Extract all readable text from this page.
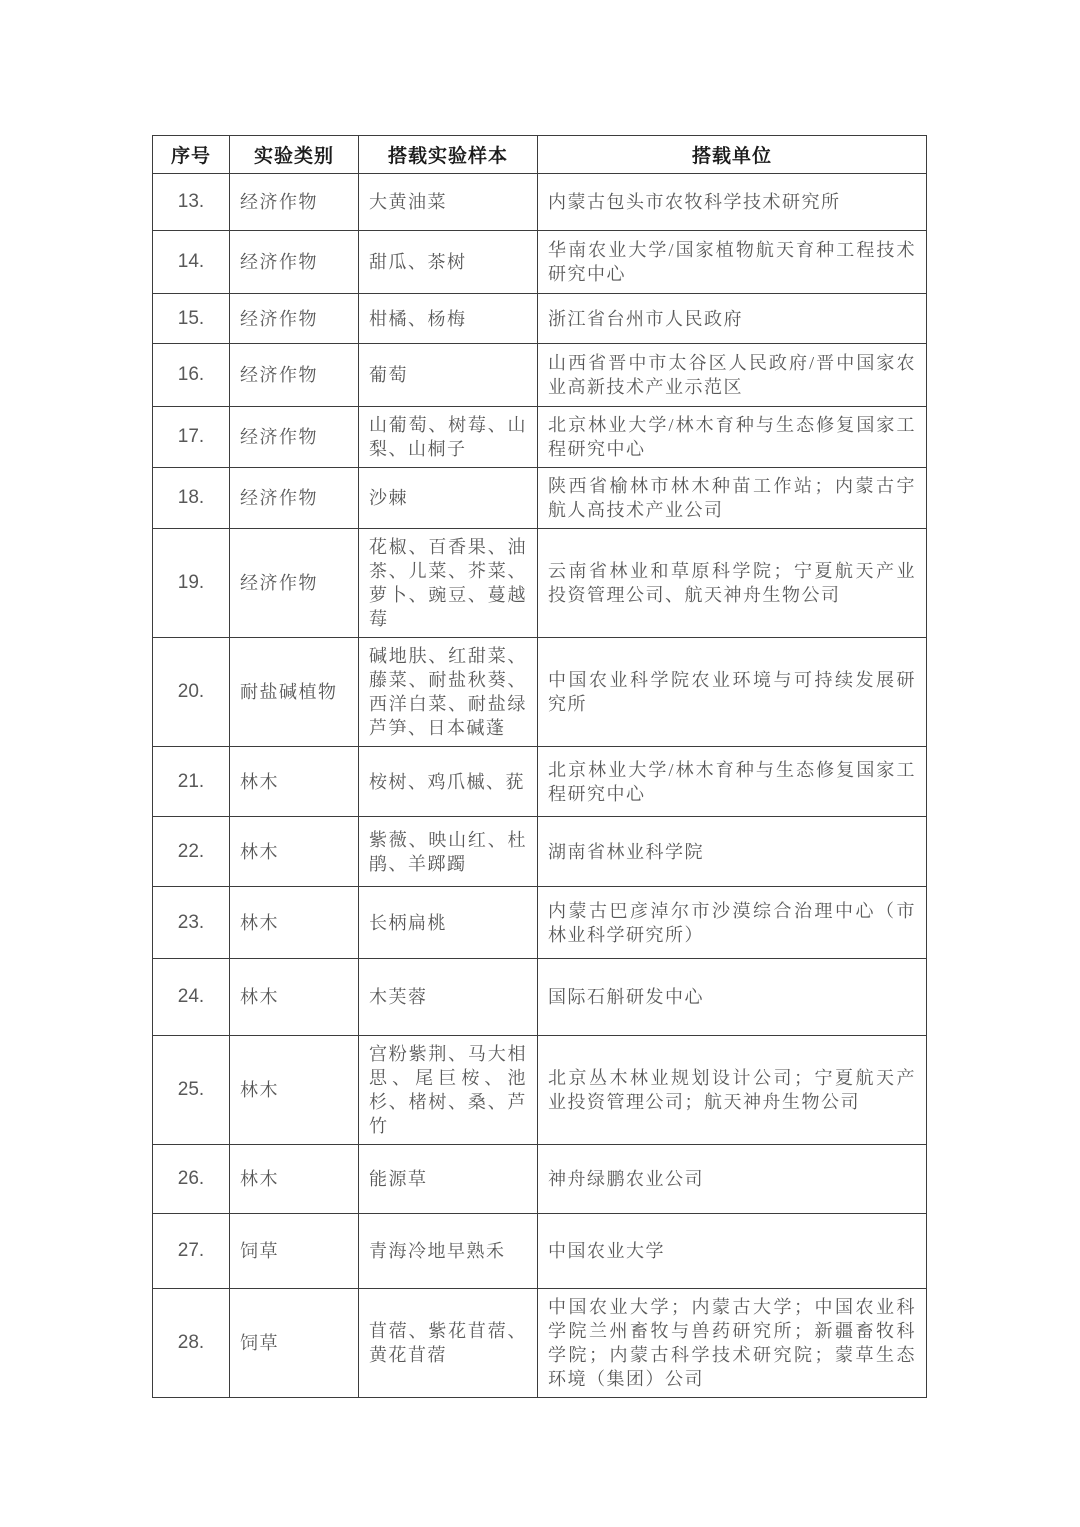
序号	实验类别	搭载实验样本	搭载单位
13.	经济作物	大黄油菜	内蒙古包头市农牧科学技术研究所
14.	经济作物	甜瓜、茶树	华南农业大学/国家植物航天育种工程技术研究中心
15.	经济作物	柑橘、杨梅	浙江省台州市人民政府
16.	经济作物	葡萄	山西省晋中市太谷区人民政府/晋中国家农业高新技术产业示范区
17.	经济作物	山葡萄、树莓、山梨、山桐子	北京林业大学/林木育种与生态修复国家工程研究中心
18.	经济作物	沙棘	陕西省榆林市林木种苗工作站；内蒙古宇航人高技术产业公司
19.	经济作物	花椒、百香果、油茶、儿菜、芥菜、萝卜、豌豆、蔓越莓	云南省林业和草原科学院；宁夏航天产业投资管理公司、航天神舟生物公司
20.	耐盐碱植物	碱地肤、红甜菜、藤菜、耐盐秋葵、西洋白菜、耐盐绿芦笋、日本碱蓬	中国农业科学院农业环境与可持续发展研究所
21.	林木	桉树、鸡爪槭、莸	北京林业大学/林木育种与生态修复国家工程研究中心
22.	林木	紫薇、映山红、杜鹃、羊踯躅	湖南省林业科学院
23.	林木	长柄扁桃	内蒙古巴彦淖尔市沙漠综合治理中心（市林业科学研究所）
24.	林木	木芙蓉	国际石斛研发中心
25.	林木	宫粉紫荆、马大相思、尾巨桉、池杉、楮树、桑、芦竹	北京丛木林业规划设计公司；宁夏航天产业投资管理公司；航天神舟生物公司
26.	林木	能源草	神舟绿鹏农业公司
27.	饲草	青海冷地早熟禾	中国农业大学
28.	饲草	苜蓿、紫花苜蓿、黄花苜蓿	中国农业大学；内蒙古大学；中国农业科学院兰州畜牧与兽药研究所；新疆畜牧科学院；内蒙古科学技术研究院；蒙草生态环境（集团）公司
